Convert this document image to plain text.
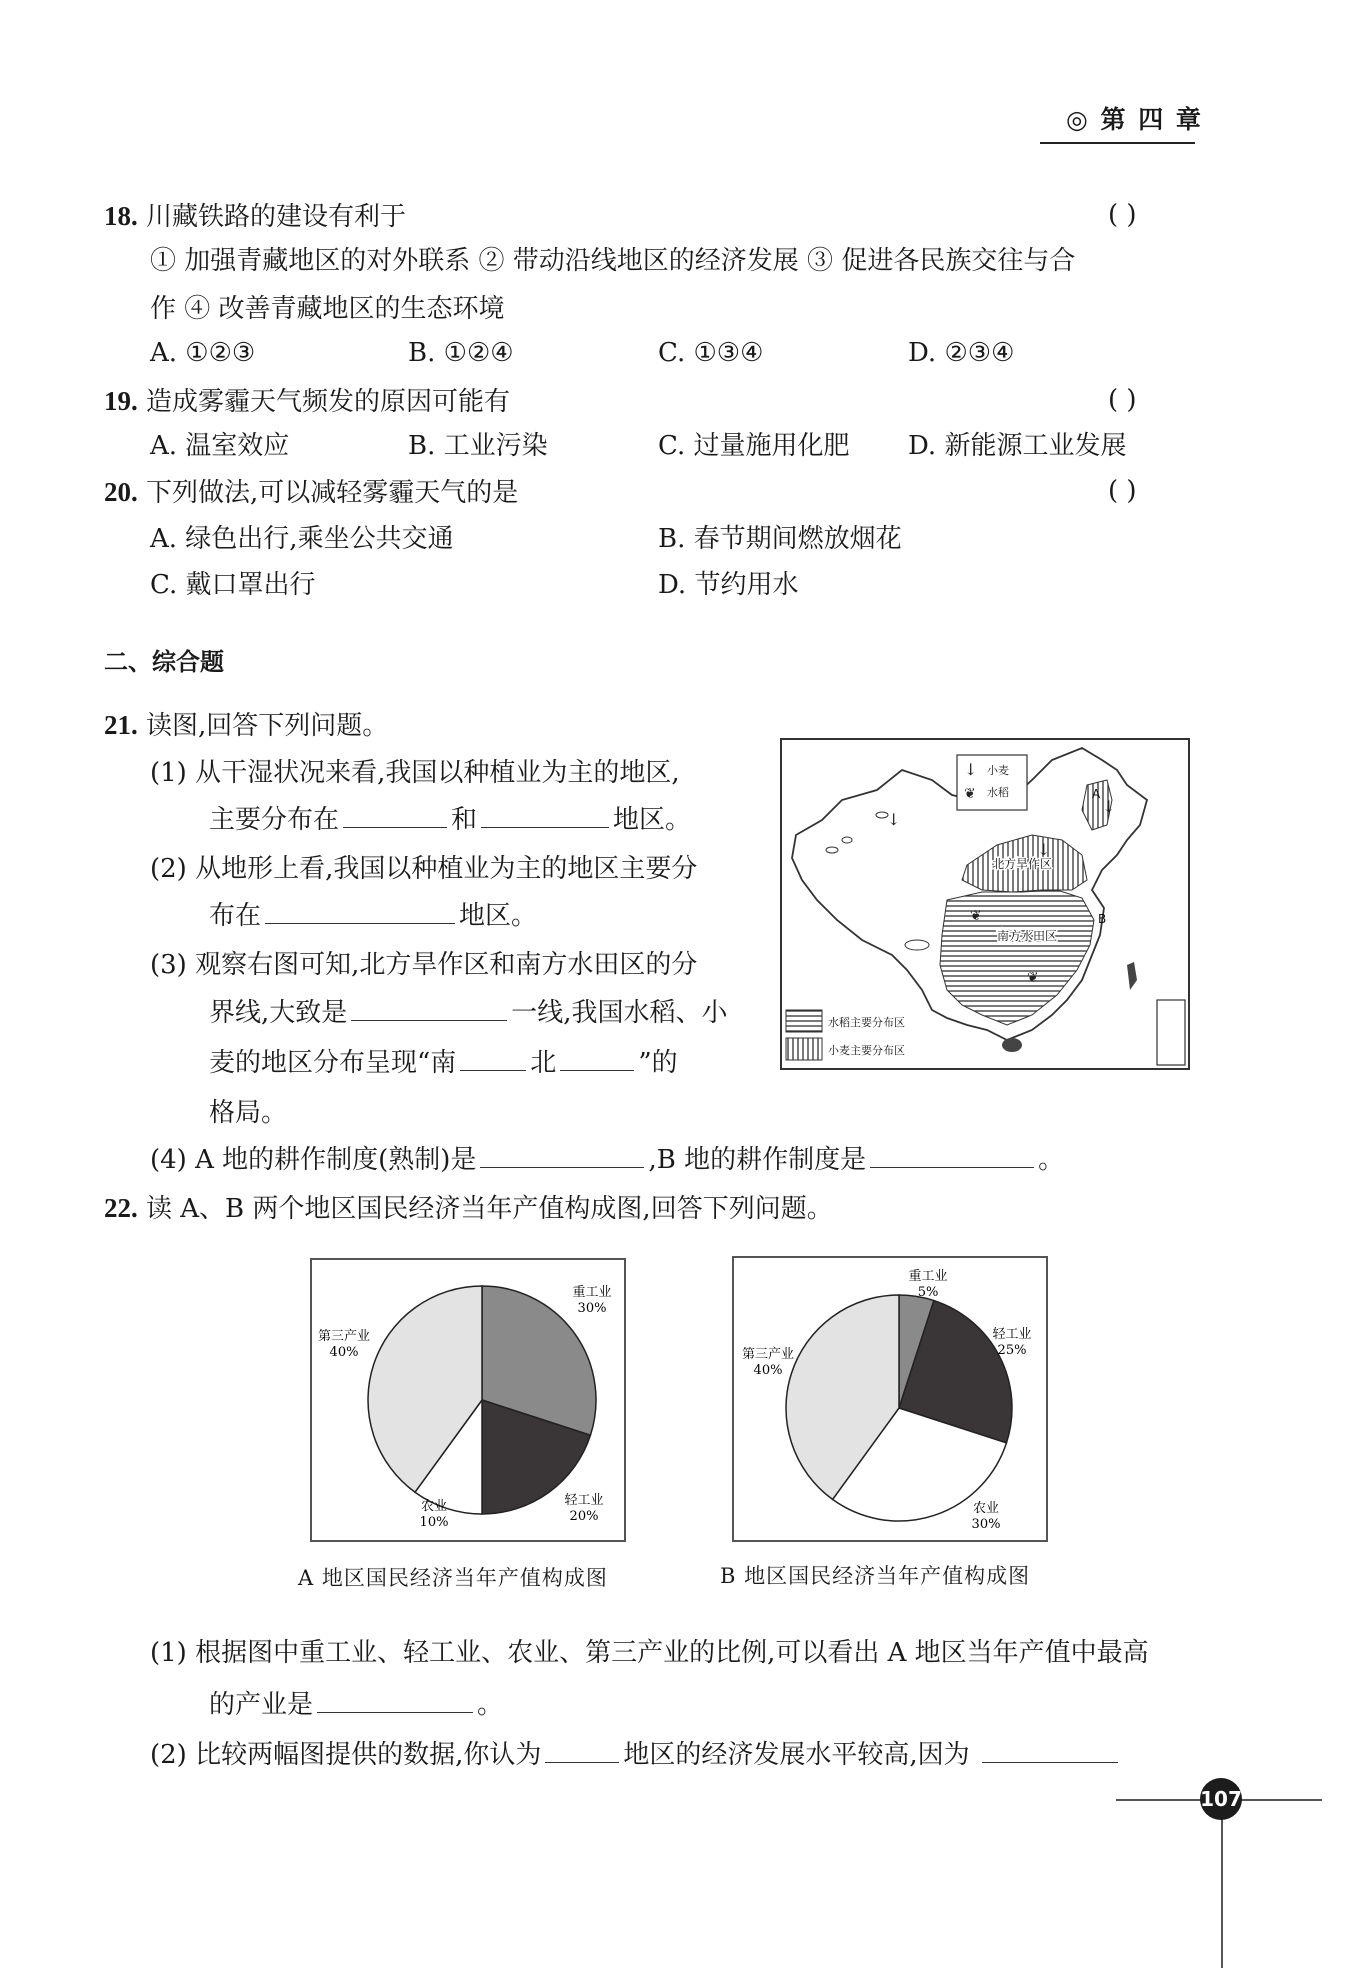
◎ 第 四 章
18. 川藏铁路的建设有利于	( )
① 加强青藏地区的对外联系 ② 带动沿线地区的经济发展 ③ 促进各民族交往与合
作 ④ 改善青藏地区的生态环境
A. ①②③	B. ①②④	C. ①③④	D. ②③④
19. 造成雾霾天气频发的原因可能有	( )
A. 温室效应	B. 工业污染	C. 过量施用化肥 D. 新能源工业发展
20. 下列做法,可以减轻雾霾天气的是	( )
A. 绿色出行,乘坐公共交通	B. 春节期间燃放烟花
C. 戴口罩出行	D. 节约用水
二、综合题
21. 读图,回答下列问题。
(1) 从干湿状况来看,我国以种植业为主的地区,
主要分布在	和	地区。
(2) 从地形上看,我国以种植业为主的地区主要分
布在	地区。
(3) 观察右图可知,北方旱作区和南方水田区的分
界线,大致是	一线,我国水稻、小
麦的地区分布呈现“南	北	”的
格局。
(4) A 地的耕作制度(熟制)是	,B 地的耕作制度是	。
↓
❦
小麦
水稻
北方旱作区
南方水田区
A
B
↓
↓
↓
❦
❦
水稻主要分布区
小麦主要分布区
22. 读 A、B 两个地区国民经济当年产值构成图,回答下列问题。
重工业
30%
轻工业
20%
农业
10%
第三产业
40%
A 地区国民经济当年产值构成图
重工业
5%
轻工业
25%
农业
30%
第三产业
40%
B 地区国民经济当年产值构成图
(1) 根据图中重工业、轻工业、农业、第三产业的比例,可以看出 A 地区当年产值中最高
的产业是	。
(2) 比较两幅图提供的数据,你认为	地区的经济发展水平较高,因为
107
